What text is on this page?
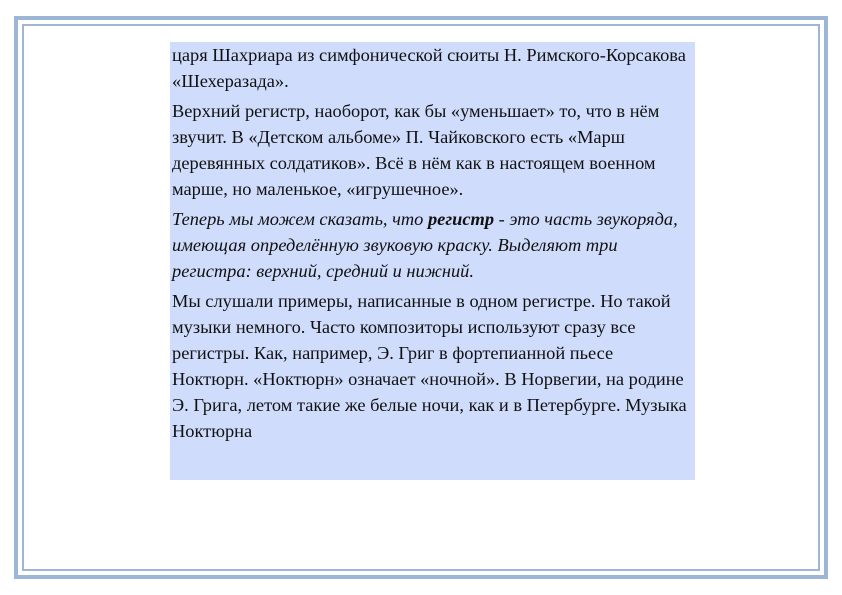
царя Шахриара из симфонической сюиты Н. Римского-Корсакова «Шехеразада».

Верхний регистр, наоборот, как бы «уменьшает» то, что в нём звучит. В «Детском альбоме» П. Чайковского есть «Марш деревянных солдатиков». Всё в нём как в настоящем военном марше, но маленькое, «игрушечное».

Теперь мы можем сказать, что регистр - это часть звукоряда, имеющая определённую звуковую краску. Выделяют три регистра: верхний, средний и нижний.

Мы слушали примеры, написанные в одном регистре. Но такой музыки немного. Часто композиторы используют сразу все регистры. Как, например, Э. Григ в фортепианной пьесе Ноктюрн. «Ноктюрн» означает «ночной». В Норвегии, на родине Э. Грига, летом такие же белые ночи, как и в Петербурге. Музыка Ноктюрна
